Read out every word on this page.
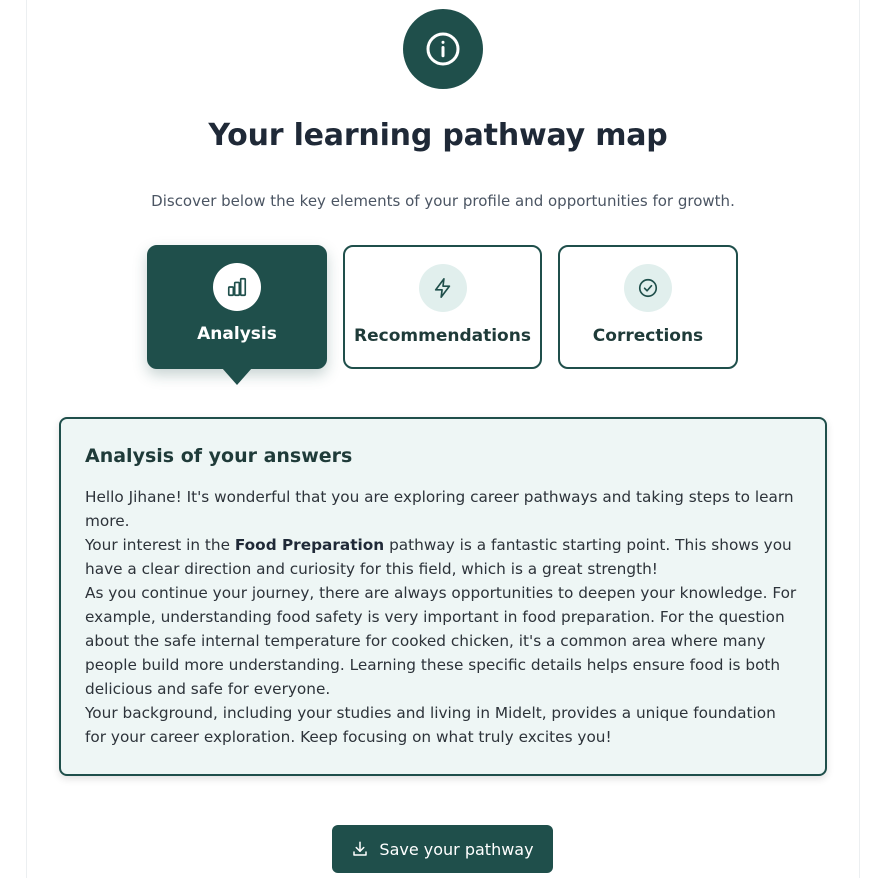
Your learning pathway map

Discover below the key elements of your profile and opportunities for growth.

Analysis	Recommendations	Corrections
Analysis of your answers

Hello Jihane! It's wonderful that you are exploring career pathways and taking steps to learn more.

Your interest in the Food Preparation pathway is a fantastic starting point. This shows you have a clear direction and curiosity for this field, which is a great strength!

As you continue your journey, there are always opportunities to deepen your knowledge. For example, understanding food safety is very important in food preparation. For the question about the safe internal temperature for cooked chicken, it's a common area where many people build more understanding. Learning these specific details helps ensure food is both delicious and safe for everyone.

Your background, including your studies and living in Midelt, provides a unique foundation for your career exploration. Keep focusing on what truly excites you!

Save your pathway
